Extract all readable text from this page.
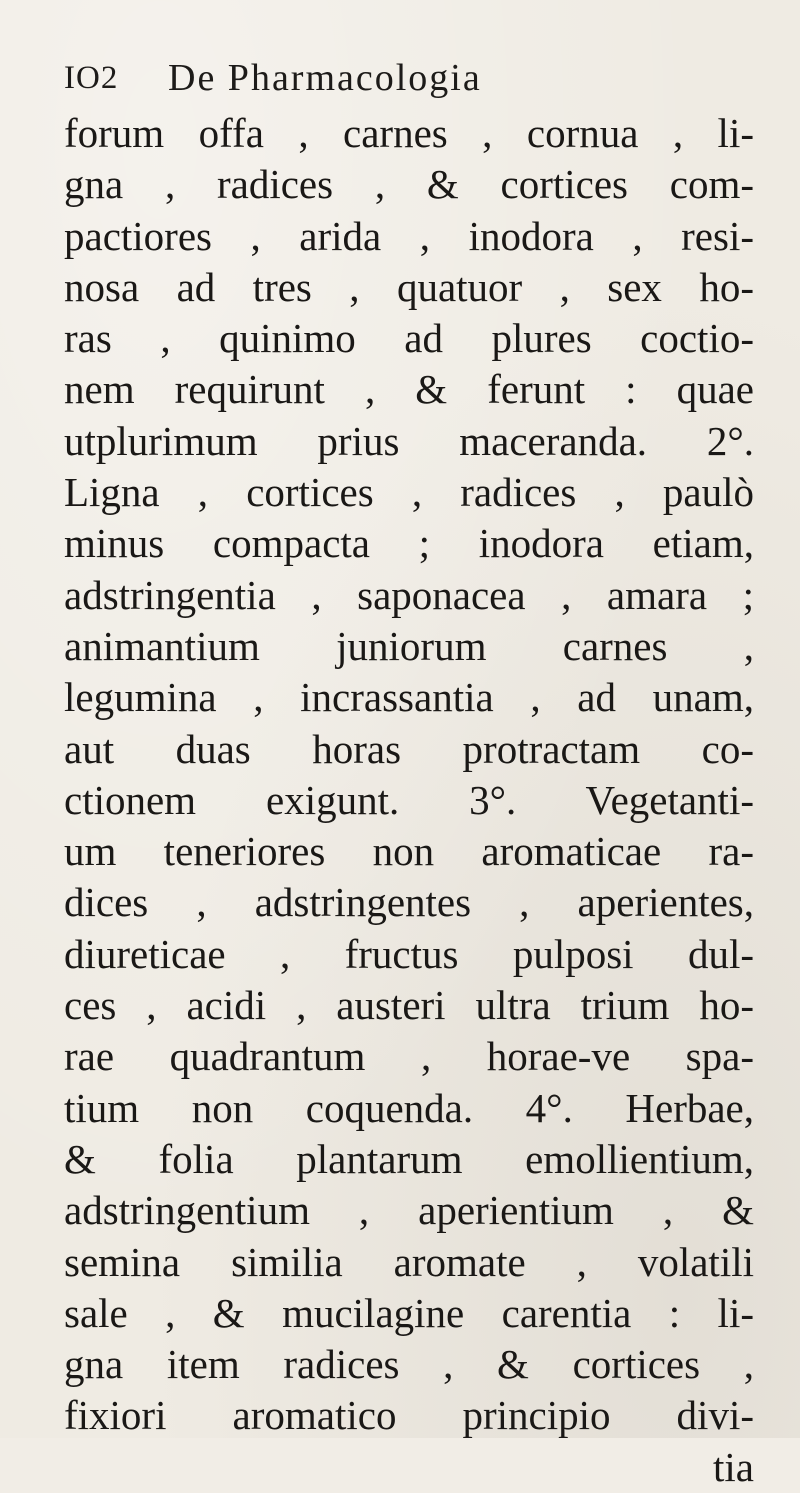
IO2 De Pharmacologia
forum offa , carnes , cornua , li-
gna , radices , & cortices com-
pactiores , arida , inodora , resi-
nosa ad tres , quatuor , sex ho-
ras , quinimo ad plures coctio-
nem requirunt , & ferunt : quae
utplurimum prius maceranda. 2°.
Ligna , cortices , radices , paulò
minus compacta ; inodora etiam,
adstringentia , saponacea , amara ;
animantium juniorum carnes ,
legumina , incrassantia , ad unam,
aut duas horas protractam co-
ctionem exigunt. 3°. Vegetanti-
um teneriores non aromaticae ra-
dices , adstringentes , aperientes,
diureticae , fructus pulposi dul-
ces , acidi , austeri ultra trium ho-
rae quadrantum , horae-ve spa-
tium non coquenda. 4°. Herbae,
& folia plantarum emollientium,
adstringentium , aperientium , &
semina similia aromate , volatili
sale , & mucilagine carentia : li-
gna item radices , & cortices ,
fixiori aromatico principio divi-
tia
